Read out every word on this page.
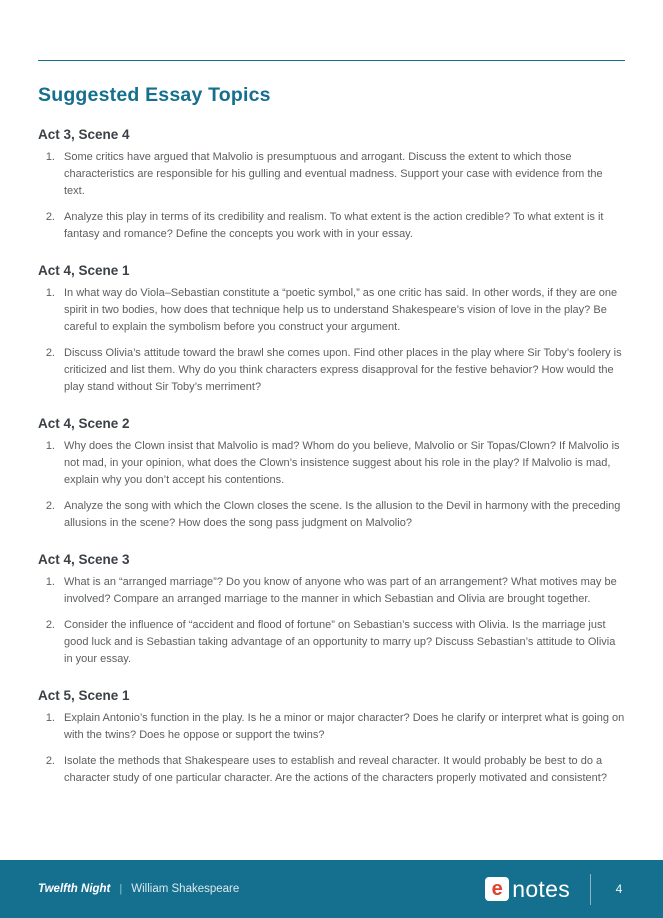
Suggested Essay Topics
Act 3, Scene 4
1. Some critics have argued that Malvolio is presumptuous and arrogant. Discuss the extent to which those characteristics are responsible for his gulling and eventual madness. Support your case with evidence from the text.
2. Analyze this play in terms of its credibility and realism. To what extent is the action credible? To what extent is it fantasy and romance? Define the concepts you work with in your essay.
Act 4, Scene 1
1. In what way do Viola–Sebastian constitute a “poetic symbol,” as one critic has said. In other words, if they are one spirit in two bodies, how does that technique help us to understand Shakespeare’s vision of love in the play? Be careful to explain the symbolism before you construct your argument.
2. Discuss Olivia’s attitude toward the brawl she comes upon. Find other places in the play where Sir Toby’s foolery is criticized and list them. Why do you think characters express disapproval for the festive behavior? How would the play stand without Sir Toby’s merriment?
Act 4, Scene 2
1. Why does the Clown insist that Malvolio is mad? Whom do you believe, Malvolio or Sir Topas/Clown? If Malvolio is not mad, in your opinion, what does the Clown’s insistence suggest about his role in the play? If Malvolio is mad, explain why you don’t accept his contentions.
2. Analyze the song with which the Clown closes the scene. Is the allusion to the Devil in harmony with the preceding allusions in the scene? How does the song pass judgment on Malvolio?
Act 4, Scene 3
1. What is an “arranged marriage”? Do you know of anyone who was part of an arrangement? What motives may be involved? Compare an arranged marriage to the manner in which Sebastian and Olivia are brought together.
2. Consider the influence of “accident and flood of fortune” on Sebastian’s success with Olivia. Is the marriage just good luck and is Sebastian taking advantage of an opportunity to marry up? Discuss Sebastian’s attitude to Olivia in your essay.
Act 5, Scene 1
1. Explain Antonio’s function in the play. Is he a minor or major character? Does he clarify or interpret what is going on with the twins? Does he oppose or support the twins?
2. Isolate the methods that Shakespeare uses to establish and reveal character. It would probably be best to do a character study of one particular character. Are the actions of the characters properly motivated and consistent?
Twelfth Night | William Shakespeare	e notes	4
